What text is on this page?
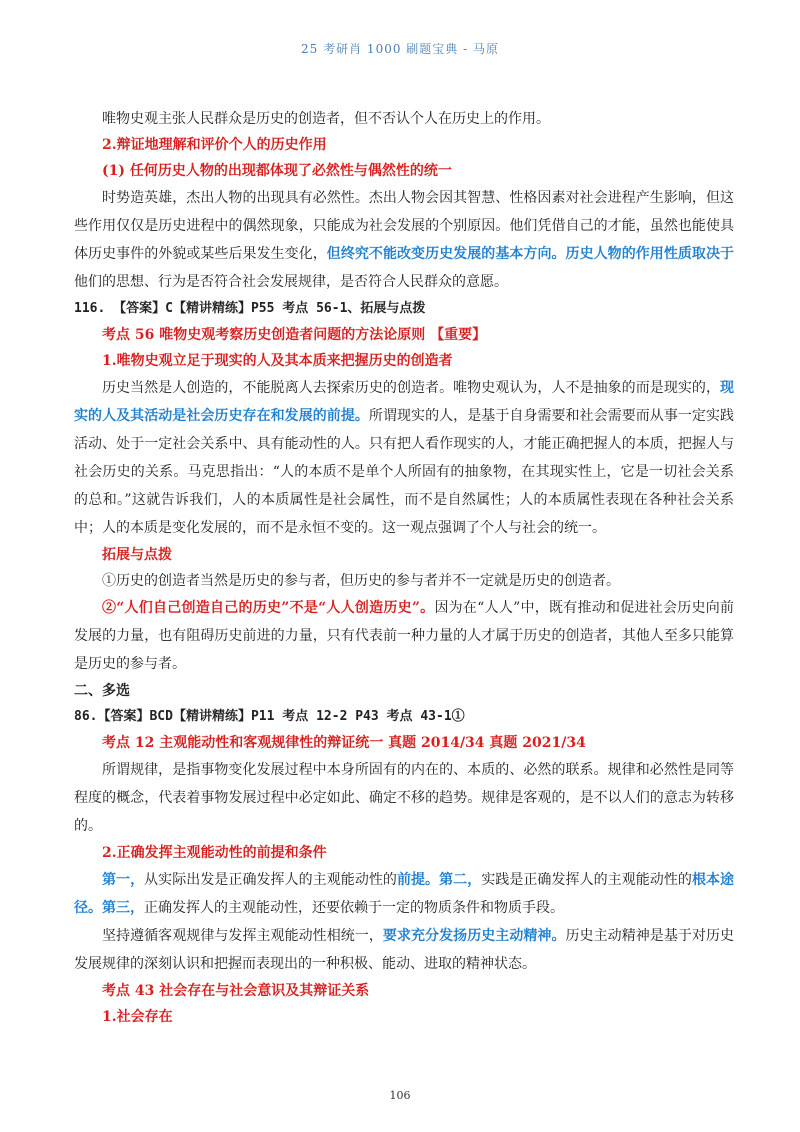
25 考研肖 1000 刷题宝典 - 马原
唯物史观主张人民群众是历史的创造者，但不否认个人在历史上的作用。
2.辩证地理解和评价个人的历史作用
(1) 任何历史人物的出现都体现了必然性与偶然性的统一
时势造英雄，杰出人物的出现具有必然性。杰出人物会因其智慧、性格因素对社会进程产生影响，但这些作用仅仅是历史进程中的偶然现象，只能成为社会发展的个别原因。他们凭借自己的才能，虽然也能使具体历史事件的外貌或某些后果发生变化，但终究不能改变历史发展的基本方向。历史人物的作用性质取决于他们的思想、行为是否符合社会发展规律，是否符合人民群众的意愿。
116. 【答案】C【精讲精练】P55 考点 56-1、拓展与点拨
考点 56 唯物史观考察历史创造者问题的方法论原则 【重要】
1.唯物史观立足于现实的人及其本质来把握历史的创造者
历史当然是人创造的，不能脱离人去探索历史的创造者。唯物史观认为，人不是抽象的而是现实的，现实的人及其活动是社会历史存在和发展的前提。所谓现实的人，是基于自身需要和社会需要而从事一定实践活动、处于一定社会关系中、具有能动性的人。只有把人看作现实的人，才能正确把握人的本质，把握人与社会历史的关系。马克思指出：“人的本质不是单个人所固有的抽象物，在其现实性上，它是一切社会关系的总和。”这就告诉我们，人的本质属性是社会属性，而不是自然属性；人的本质属性表现在各种社会关系中；人的本质是变化发展的，而不是永恒不变的。这一观点强调了个人与社会的统一。
拓展与点拨
①历史的创造者当然是历史的参与者，但历史的参与者并不一定就是历史的创造者。
②“人们自己创造自己的历史”不是“人人创造历史”。因为在“人人”中，既有推动和促进社会历史向前发展的力量，也有阻碍历史前进的力量，只有代表前一种力量的人才属于历史的创造者，其他人至多只能算是历史的参与者。
二、多选
86.【答案】BCD【精讲精练】P11 考点 12-2 P43 考点 43-1①
考点 12 主观能动性和客观规律性的辩证统一 真题 2014/34 真题 2021/34
所谓规律，是指事物变化发展过程中本身所固有的内在的、本质的、必然的联系。规律和必然性是同等程度的概念，代表着事物发展过程中必定如此、确定不移的趋势。规律是客观的，是不以人们的意志为转移的。
2.正确发挥主观能动性的前提和条件
第一，从实际出发是正确发挥人的主观能动性的前提。第二，实践是正确发挥人的主观能动性的根本途径。第三，正确发挥人的主观能动性，还要依赖于一定的物质条件和物质手段。
坚持遵循客观规律与发挥主观能动性相统一，要求充分发扬历史主动精神。历史主动精神是基于对历史发展规律的深刻认识和把握而表现出的一种积极、能动、进取的精神状态。
考点 43 社会存在与社会意识及其辩证关系
1.社会存在
106
